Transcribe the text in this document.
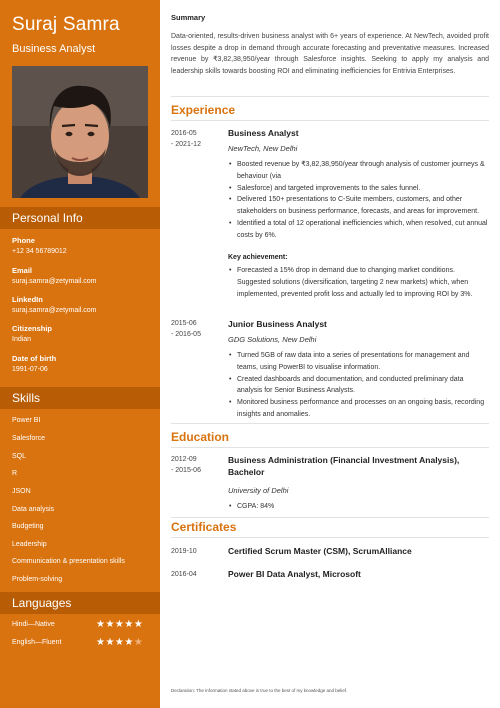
Suraj Samra
Business Analyst
Personal Info
Phone
+12 34 56789012
Email
suraj.samra@zetymail.com
LinkedIn
suraj.samra@zetymail.com
Citizenship
Indian
Date of birth
1991-07-06
Skills
Power BI
Salesforce
SQL
R
JSON
Data analysis
Budgeting
Leadership
Communication & presentation skills
Problem-solving
Languages
Hindi—Native	★★★★★
English—Fluent	★★★★★
Summary
Data-oriented, results-driven business analyst with 6+ years of experience. At NewTech, avoided profit losses despite a drop in demand through accurate forecasting and preventative measures. Increased revenue by ₹3,82,38,950/year through Salesforce insights. Seeking to apply my analysis and leadership skills towards boosting ROI and eliminating inefficiencies for Entrivia Enterprises.
Experience
2016-05
- 2021-12
Business Analyst
NewTech, New Delhi
• Boosted revenue by ₹3,82,38,950/year through analysis of customer journeys & behaviour (via
• Salesforce) and targeted improvements to the sales funnel.
• Delivered 150+ presentations to C-Suite members, customers, and other stakeholders on business performance, forecasts, and areas for improvement.
• Identified a total of 12 operational inefficiencies which, when resolved, cut annual costs by 6%.
Key achievement:
• Forecasted a 15% drop in demand due to changing market conditions. Suggested solutions (diversification, targeting 2 new markets) which, when implemented, prevented profit loss and actually led to improving ROI by 3%.
2015-06
- 2016-05
Junior Business Analyst
GDG Solutions, New Delhi
• Turned 5GB of raw data into a series of presentations for management and teams, using PowerBI to visualise information.
• Created dashboards and documentation, and conducted preliminary data analysis for Senior Business Analysts.
• Monitored business performance and processes on an ongoing basis, recording insights and anomalies.
Education
2012-09
- 2015-06
Business Administration (Financial Investment Analysis), Bachelor
University of Delhi
• CGPA: 84%
Certificates
2019-10	Certified Scrum Master (CSM), ScrumAlliance
2016-04	Power BI Data Analyst, Microsoft
Declaration: The information stated above is true to the best of my knowledge and belief.
